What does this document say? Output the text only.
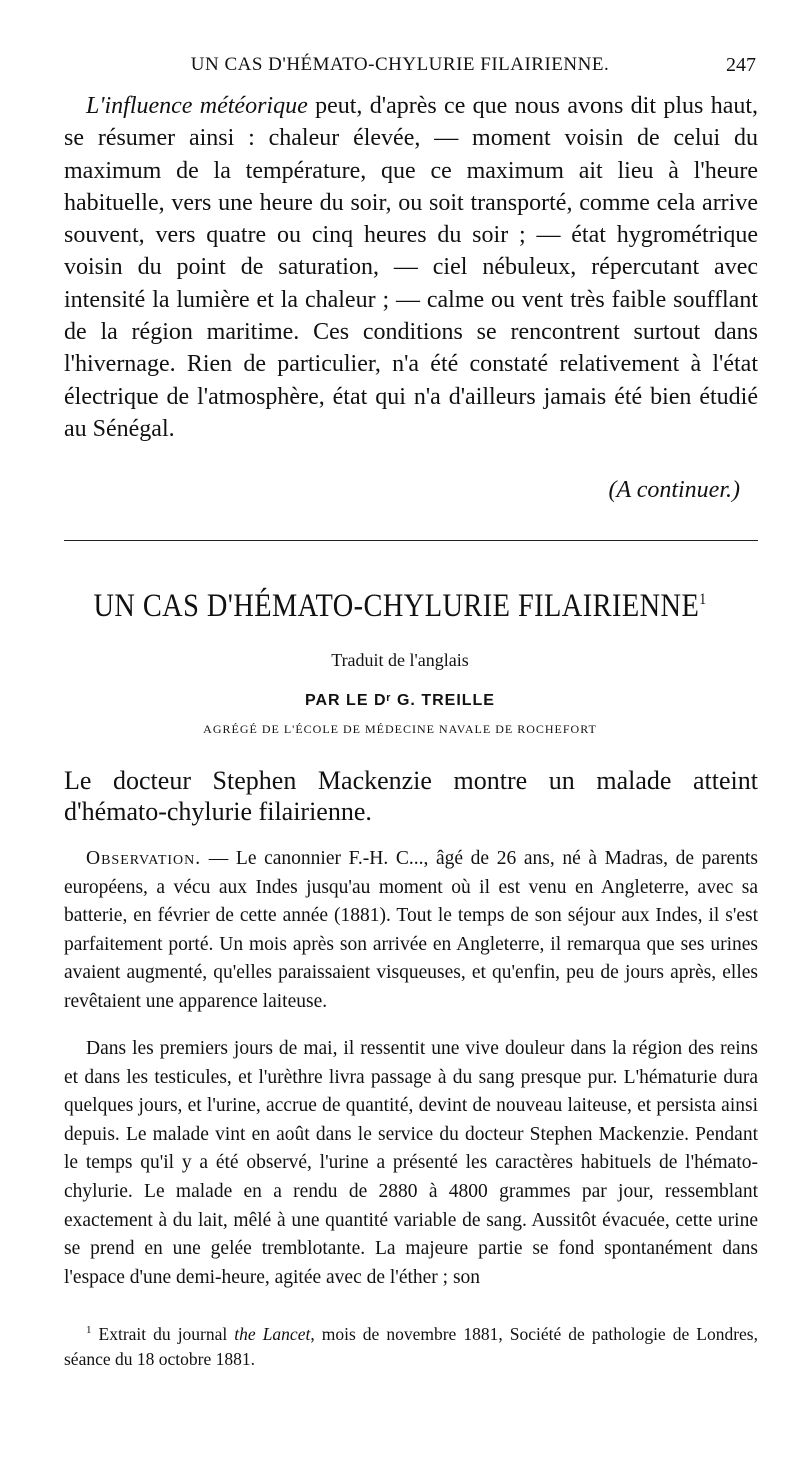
UN CAS D'HÉMATO-CHYLURIE FILAIRIENNE.	247

L'influence météorique peut, d'après ce que nous avons dit plus haut, se résumer ainsi : chaleur élevée, — moment voisin de celui du maximum de la température, que ce maximum ait lieu à l'heure habituelle, vers une heure du soir, ou soit transporté, comme cela arrive souvent, vers quatre ou cinq heures du soir ; — état hygrométrique voisin du point de saturation, — ciel nébuleux, répercutant avec intensité la lumière et la chaleur ; — calme ou vent très faible soufflant de la région maritime. Ces conditions se rencontrent surtout dans l'hivernage. Rien de particulier, n'a été constaté relativement à l'état électrique de l'atmosphère, état qui n'a d'ailleurs jamais été bien étudié au Sénégal.

(A continuer.)
UN CAS D'HÉMATO-CHYLURIE FILAIRIENNE$^1$
Traduit de l'anglais
PAR LE Dʳ G. TREILLE
AGRÉGÉ DE L'ÉCOLE DE MÉDECINE NAVALE DE ROCHEFORT

Le docteur Stephen Mackenzie montre un malade atteint d'hémato-chylurie filairienne.

Observation. — Le canonnier F.-H. C..., âgé de 26 ans, né à Madras, de parents européens, a vécu aux Indes jusqu'au moment où il est venu en Angleterre, avec sa batterie, en février de cette année (1881). Tout le temps de son séjour aux Indes, il s'est parfaitement porté. Un mois après son arrivée en Angleterre, il remarqua que ses urines avaient augmenté, qu'elles paraissaient visqueuses, et qu'enfin, peu de jours après, elles revêtaient une apparence laiteuse.

Dans les premiers jours de mai, il ressentit une vive douleur dans la région des reins et dans les testicules, et l'urèthre livra passage à du sang presque pur. L'hématurie dura quelques jours, et l'urine, accrue de quantité, devint de nouveau laiteuse, et persista ainsi depuis. Le malade vint en août dans le service du docteur Stephen Mackenzie. Pendant le temps qu'il y a été observé, l'urine a présenté les caractères habituels de l'hémato-chylurie. Le malade en a rendu de 2880 à 4800 grammes par jour, ressemblant exactement à du lait, mêlé à une quantité variable de sang. Aussitôt évacuée, cette urine se prend en une gelée tremblotante. La majeure partie se fond spontanément dans l'espace d'une demi-heure, agitée avec de l'éther ; son

$^1$ Extrait du journal the Lancet, mois de novembre 1881, Société de pathologie de Londres, séance du 18 octobre 1881.
